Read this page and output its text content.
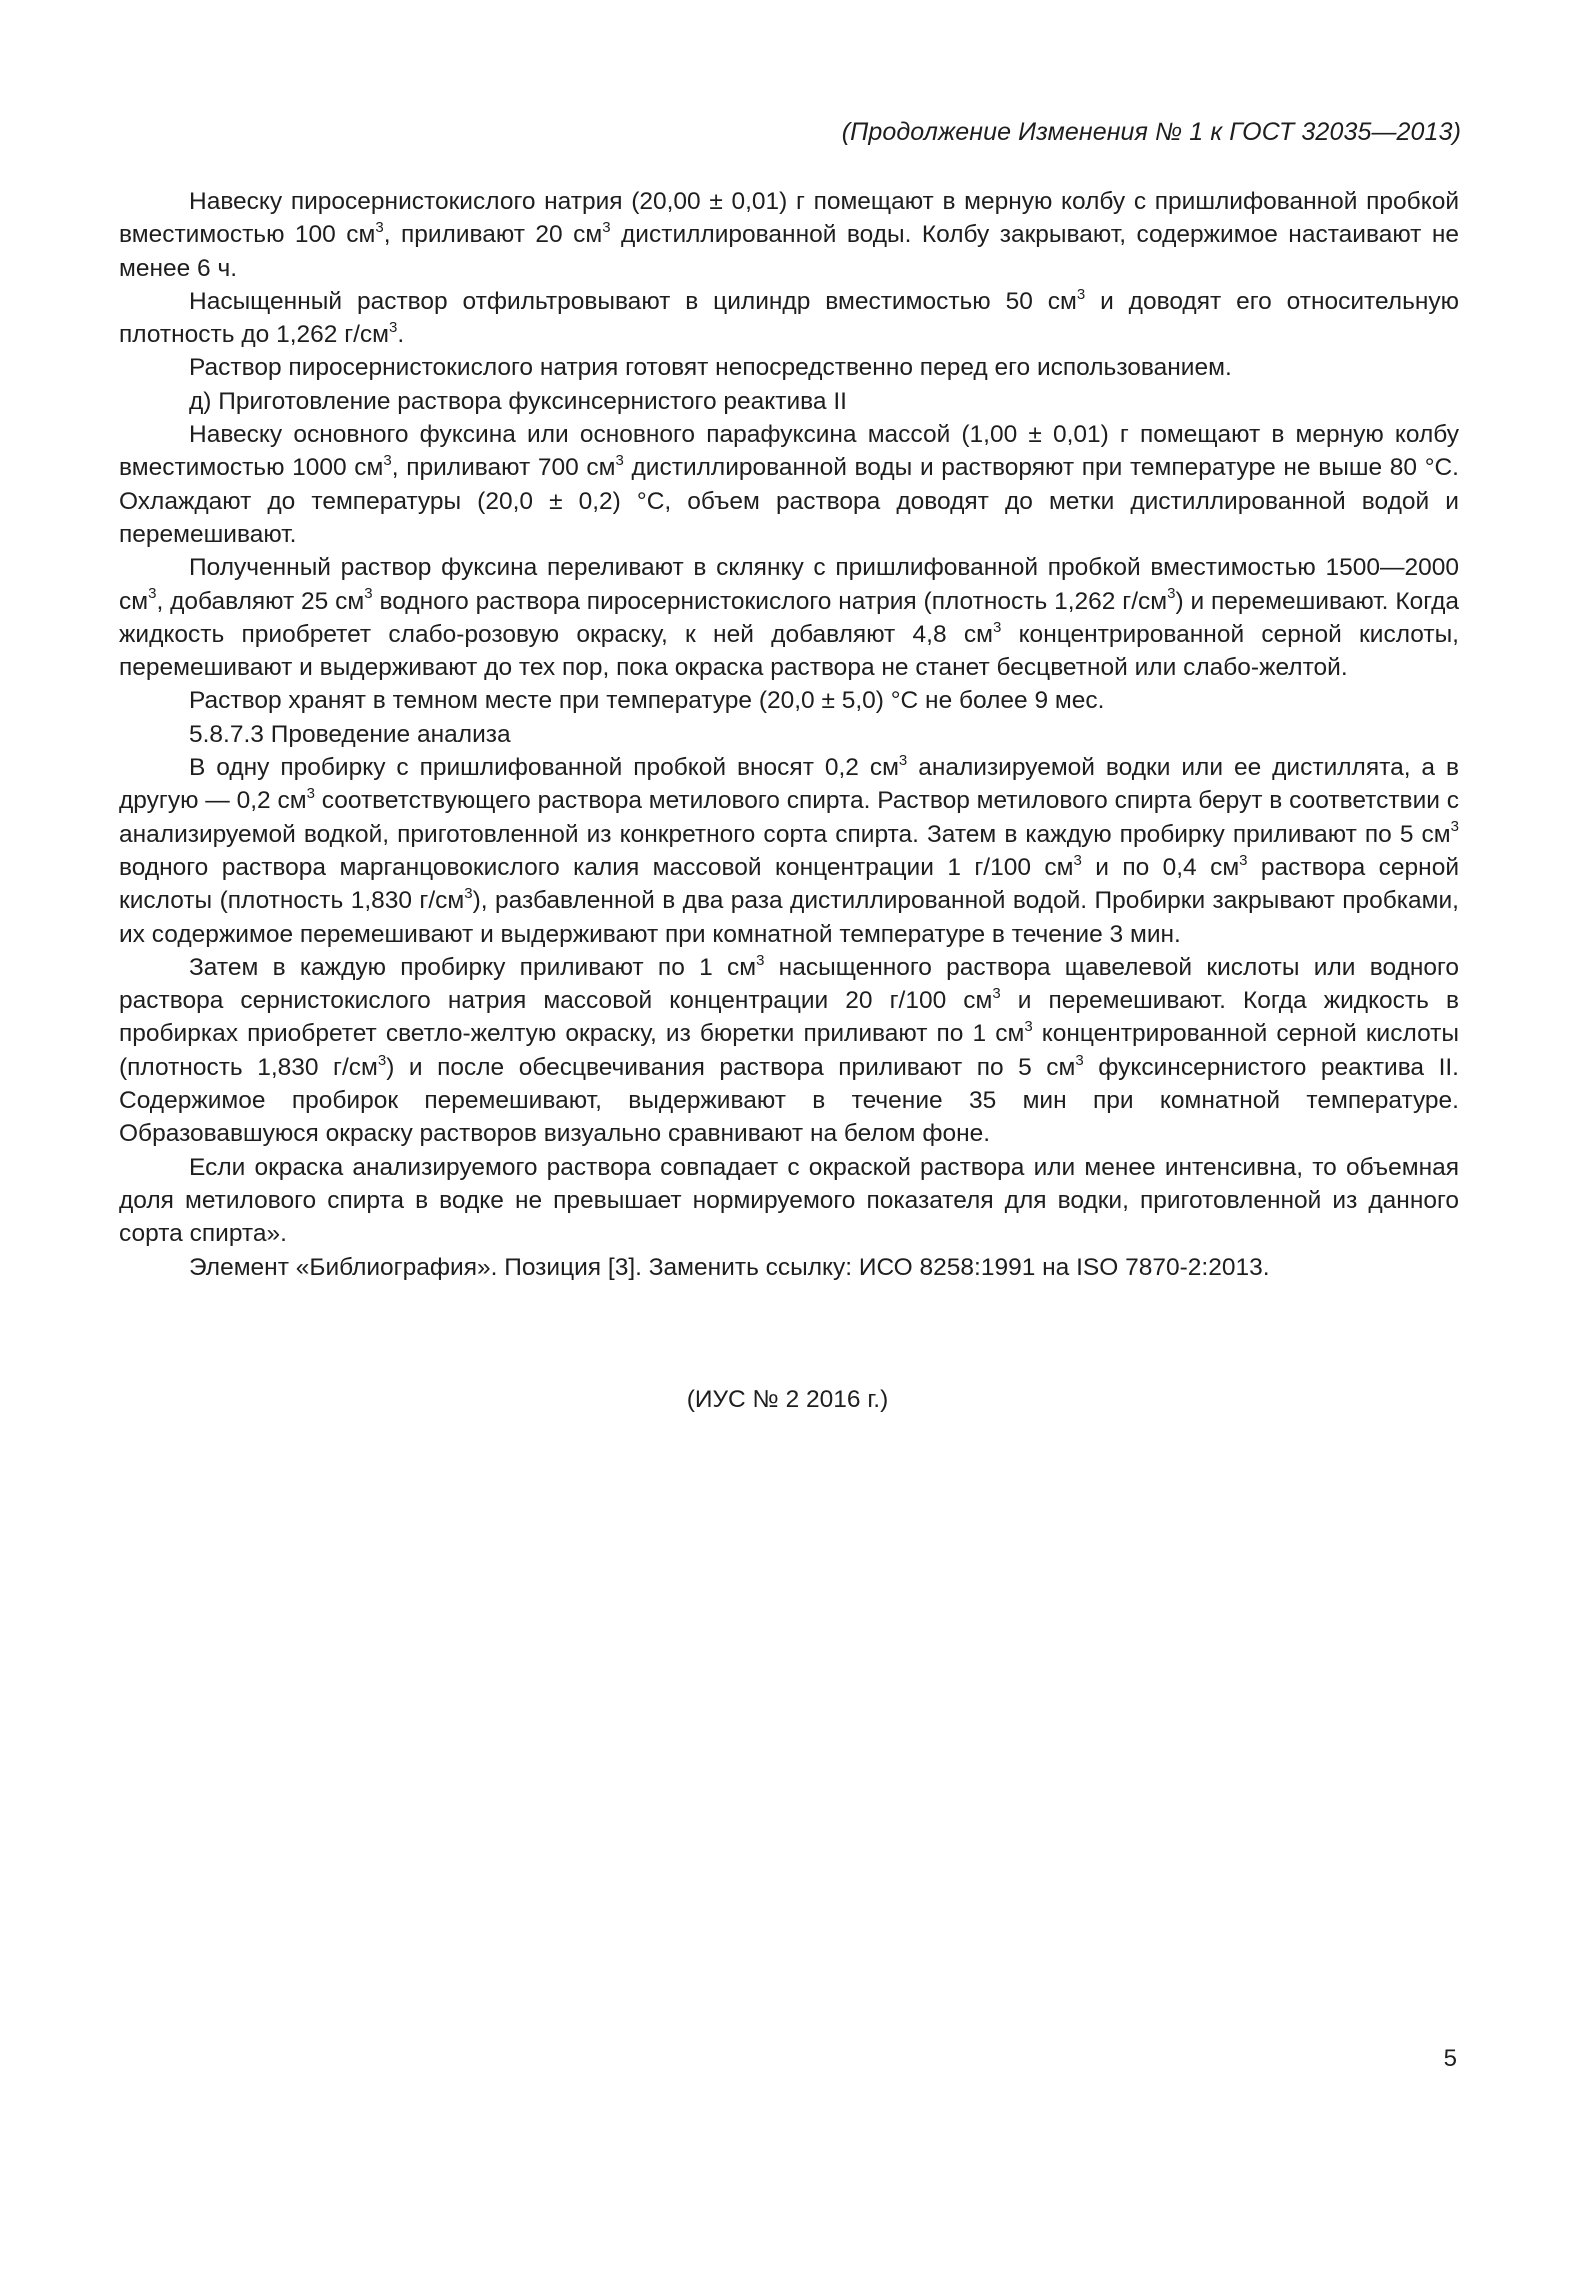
(Продолжение Изменения № 1 к ГОСТ 32035—2013)

Навеску пиросернистокислого натрия (20,00 ± 0,01) г помещают в мерную колбу с пришлифованной пробкой вместимостью 100 $см^3$, приливают 20 $см^3$ дистиллированной воды. Колбу закрывают, содержимое настаивают не менее 6 ч.

Насыщенный раствор отфильтровывают в цилиндр вместимостью 50 $см^3$ и доводят его относительную плотность до 1,262 $г/см^3$.

Раствор пиросернистокислого натрия готовят непосредственно перед его использованием.

д) Приготовление раствора фуксинсернистого реактива II

Навеску основного фуксина или основного парафуксина массой (1,00 ± 0,01) г помещают в мерную колбу вместимостью 1000 $см^3$, приливают 700 $см^3$ дистиллированной воды и растворяют при температуре не выше 80 °С. Охлаждают до температуры (20,0 ± 0,2) °С, объем раствора доводят до метки дистиллированной водой и перемешивают.

Полученный раствор фуксина переливают в склянку с пришлифованной пробкой вместимостью 1500—2000 $см^3$, добавляют 25 $см^3$ водного раствора пиросернистокислого натрия (плотность 1,262 $г/см^3$) и перемешивают. Когда жидкость приобретет слабо-розовую окраску, к ней добавляют 4,8 $см^3$ концентрированной серной кислоты, перемешивают и выдерживают до тех пор, пока окраска раствора не станет бесцветной или слабо-желтой.

Раствор хранят в темном месте при температуре (20,0 ± 5,0) °С не более 9 мес.

5.8.7.3 Проведение анализа

В одну пробирку с пришлифованной пробкой вносят 0,2 $см^3$ анализируемой водки или ее дистиллята, а в другую — 0,2 $см^3$ соответствующего раствора метилового спирта. Раствор метилового спирта берут в соответствии с анализируемой водкой, приготовленной из конкретного сорта спирта. Затем в каждую пробирку приливают по 5 $см^3$ водного раствора марганцовокислого калия массовой концентрации 1 г/100 $см^3$ и по 0,4 $см^3$ раствора серной кислоты (плотность 1,830 $г/см^3$), разбавленной в два раза дистиллированной водой. Пробирки закрывают пробками, их содержимое перемешивают и выдерживают при комнатной температуре в течение 3 мин.

Затем в каждую пробирку приливают по 1 $см^3$ насыщенного раствора щавелевой кислоты или водного раствора сернистокислого натрия массовой концентрации 20 г/100 $см^3$ и перемешивают. Когда жидкость в пробирках приобретет светло-желтую окраску, из бюретки приливают по 1 $см^3$ концентрированной серной кислоты (плотность 1,830 $г/см^3$) и после обесцвечивания раствора приливают по 5 $см^3$ фуксинсернистого реактива II. Содержимое пробирок перемешивают, выдерживают в течение 35 мин при комнатной температуре. Образовавшуюся окраску растворов визуально сравнивают на белом фоне.

Если окраска анализируемого раствора совпадает с окраской раствора или менее интенсивна, то объемная доля метилового спирта в водке не превышает нормируемого показателя для водки, приготовленной из данного сорта спирта».

Элемент «Библиография». Позиция [3]. Заменить ссылку: ИСО 8258:1991 на ISO 7870-2:2013.

(ИУС № 2 2016 г.)
5
